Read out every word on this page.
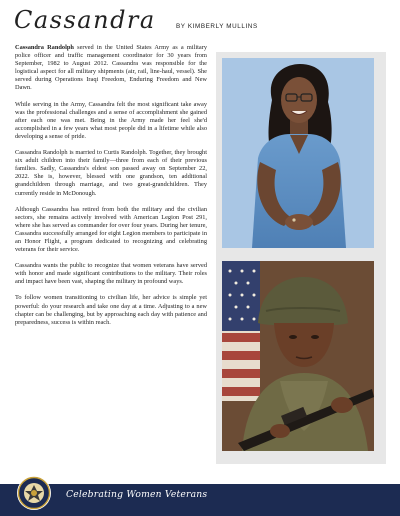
Cassandra	BY KIMBERLY MULLINS

Cassandra Randolph served in the United States Army as a military police officer and traffic management coordinator for 30 years from September, 1982 to August 2012. Cassandra was responsible for the logistical aspect for all military shipments (air, rail, line-haul, vessel). She served during Operations Iraqi Freedom, Enduring Freedom and New Dawn.

While serving in the Army, Cassandra felt the most significant take away was the professional challenges and a sense of accomplishment she gained after each one was met. Being in the Army made her feel she'd accomplished in a few years what most people did in a lifetime while also developing a sense of pride.

Cassandra Randolph is married to Curtis Randolph. Together, they brought six adult children into their family—three from each of their previous families. Sadly, Cassandra's eldest son passed away on September 22, 2022. She is, however, blessed with one grandson, ten additional grandchildren through marriage, and two great-grandchildren. They currently reside in McDonough.

Although Cassandra has retired from both the military and the civilian sectors, she remains actively involved with American Legion Post 291, where she has served as commander for over four years. During her tenure, Cassandra successfully arranged for eight Legion members to participate in an Honor Flight, a program dedicated to recognizing and celebrating veterans for their service.

Cassandra wants the public to recognize that women veterans have served with honor and made significant contributions to the military. Their roles and impact have been vast, shaping the military in profound ways.

To follow women transitioning to civilian life, her advice is simple yet powerful: do your research and take one day at a time. Adjusting to a new chapter can be challenging, but by approaching each day with patience and preparedness, success is within reach.

Celebrating Women Veterans
